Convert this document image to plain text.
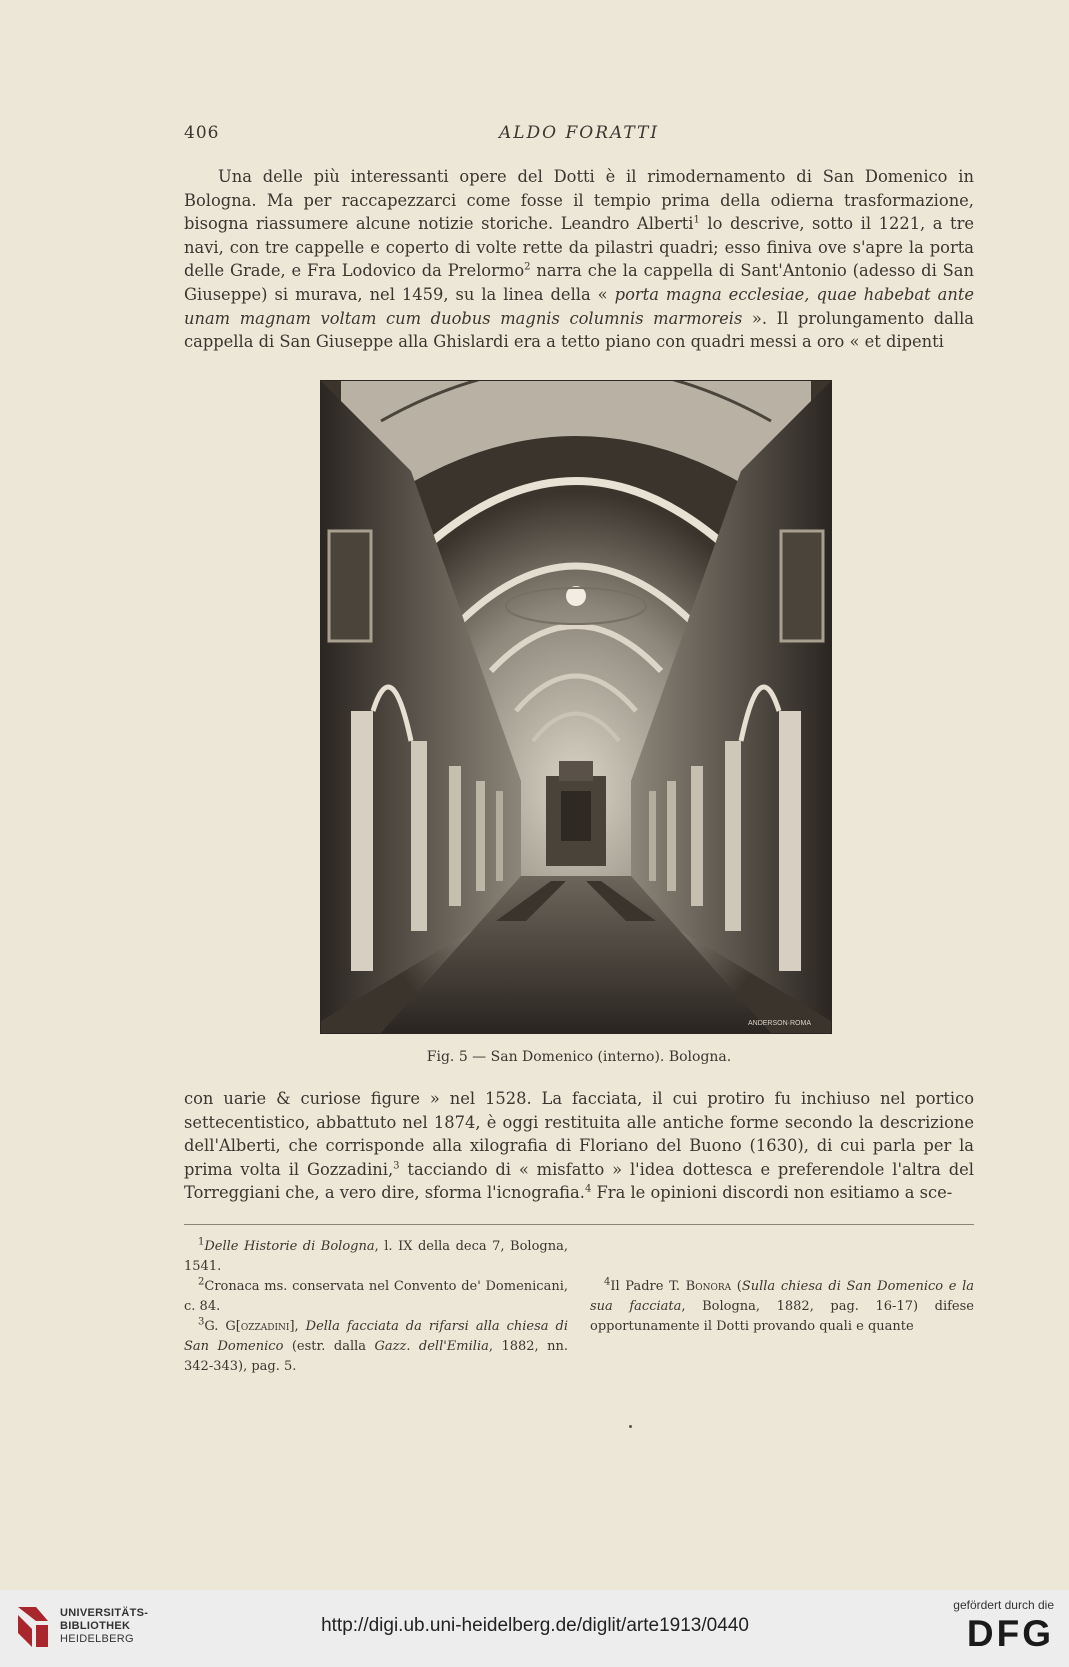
406	ALDO FORATTI

Una delle più interessanti opere del Dotti è il rimodernamento di San Domenico in Bologna. Ma per raccapezzarci come fosse il tempio prima della odierna trasformazione, bisogna riassumere alcune notizie storiche. Leandro Alberti$^1$ lo descrive, sotto il 1221, a tre navi, con tre cappelle e coperto di volte rette da pilastri quadri; esso finiva ove s'apre la porta delle Grade, e Fra Lodovico da Prelormo$^2$ narra che la cappella di Sant'Antonio (adesso di San Giuseppe) si murava, nel 1459, su la linea della « porta magna ecclesiae, quae habebat ante unam magnam voltam cum duobus magnis columnis marmoreis ». Il prolungamento dalla cappella di San Giuseppe alla Ghislardi era a tetto piano con quadri messi a oro « et dipenti

ANDERSON·ROMA
Fig. 5 — San Domenico (interno). Bologna.

con uarie & curiose figure » nel 1528. La facciata, il cui protiro fu inchiuso nel portico settecentistico, abbattuto nel 1874, è oggi restituita alle antiche forme secondo la descrizione dell'Alberti, che corrisponde alla xilografia di Floriano del Buono (1630), di cui parla per la prima volta il Gozzadini,$^3$ tacciando di « misfatto » l'idea dottesca e preferendole l'altra del Torreggiani che, a vero dire, sforma l'icnografia.$^4$ Fra le opinioni discordi non esitiamo a sce-

$^1$Delle Historie di Bologna, l. IX della deca 7, Bologna, 1541.

$^2$Cronaca ms. conservata nel Convento de' Domenicani, c. 84.

$^3$G. G[ozzadini], Della facciata da rifarsi alla chiesa di San Domenico (estr. dalla Gazz. dell'Emilia, 1882, nn. 342-343), pag. 5.

$^4$Il Padre T. Bonora (Sulla chiesa di San Domenico e la sua facciata, Bologna, 1882, pag. 16-17) difese opportunamente il Dotti provando quali e quante

UNIVERSITÄTS-
BIBLIOTHEK
HEIDELBERG
http://digi.ub.uni-heidelberg.de/diglit/arte1913/0440
gefördert durch die
DFG
